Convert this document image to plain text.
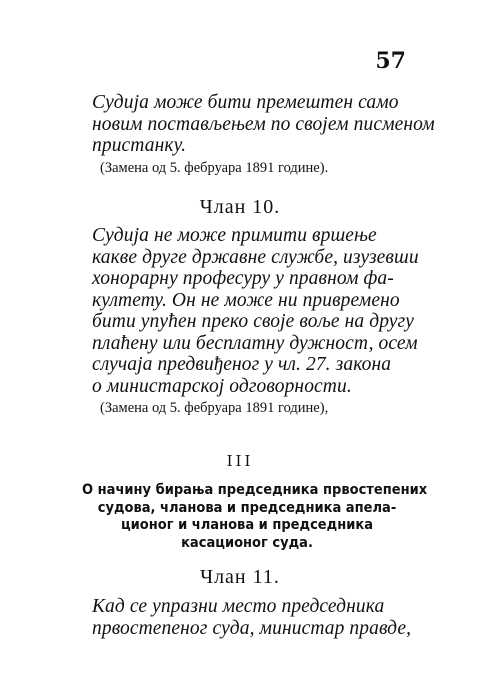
57

Судија може бити премештен само

новим постављењем по своjем писменом

пристанку.

(Замена од 5. фебруара 1891 године).

Члан 10.

Судија не може примити вршење

какве друге државне службе, изузевши

хонорарну професуру у правном фа-

култету. Он не може ни привремено

бити упућен преко своје воље на другу

плаћену или бесплатну дужност, осем

случаја предвиђеног у чл. 27. закона

о министарској одговорности.

(Замена од 5. фебруара 1891 године),

III
О начину бирања председника првостепених
судова, чланова и председника апела-
ционог и чланова и председника
касационог суда.

Члан 11.

Кад се упразни место председника

првостепеног суда, министар правде,
